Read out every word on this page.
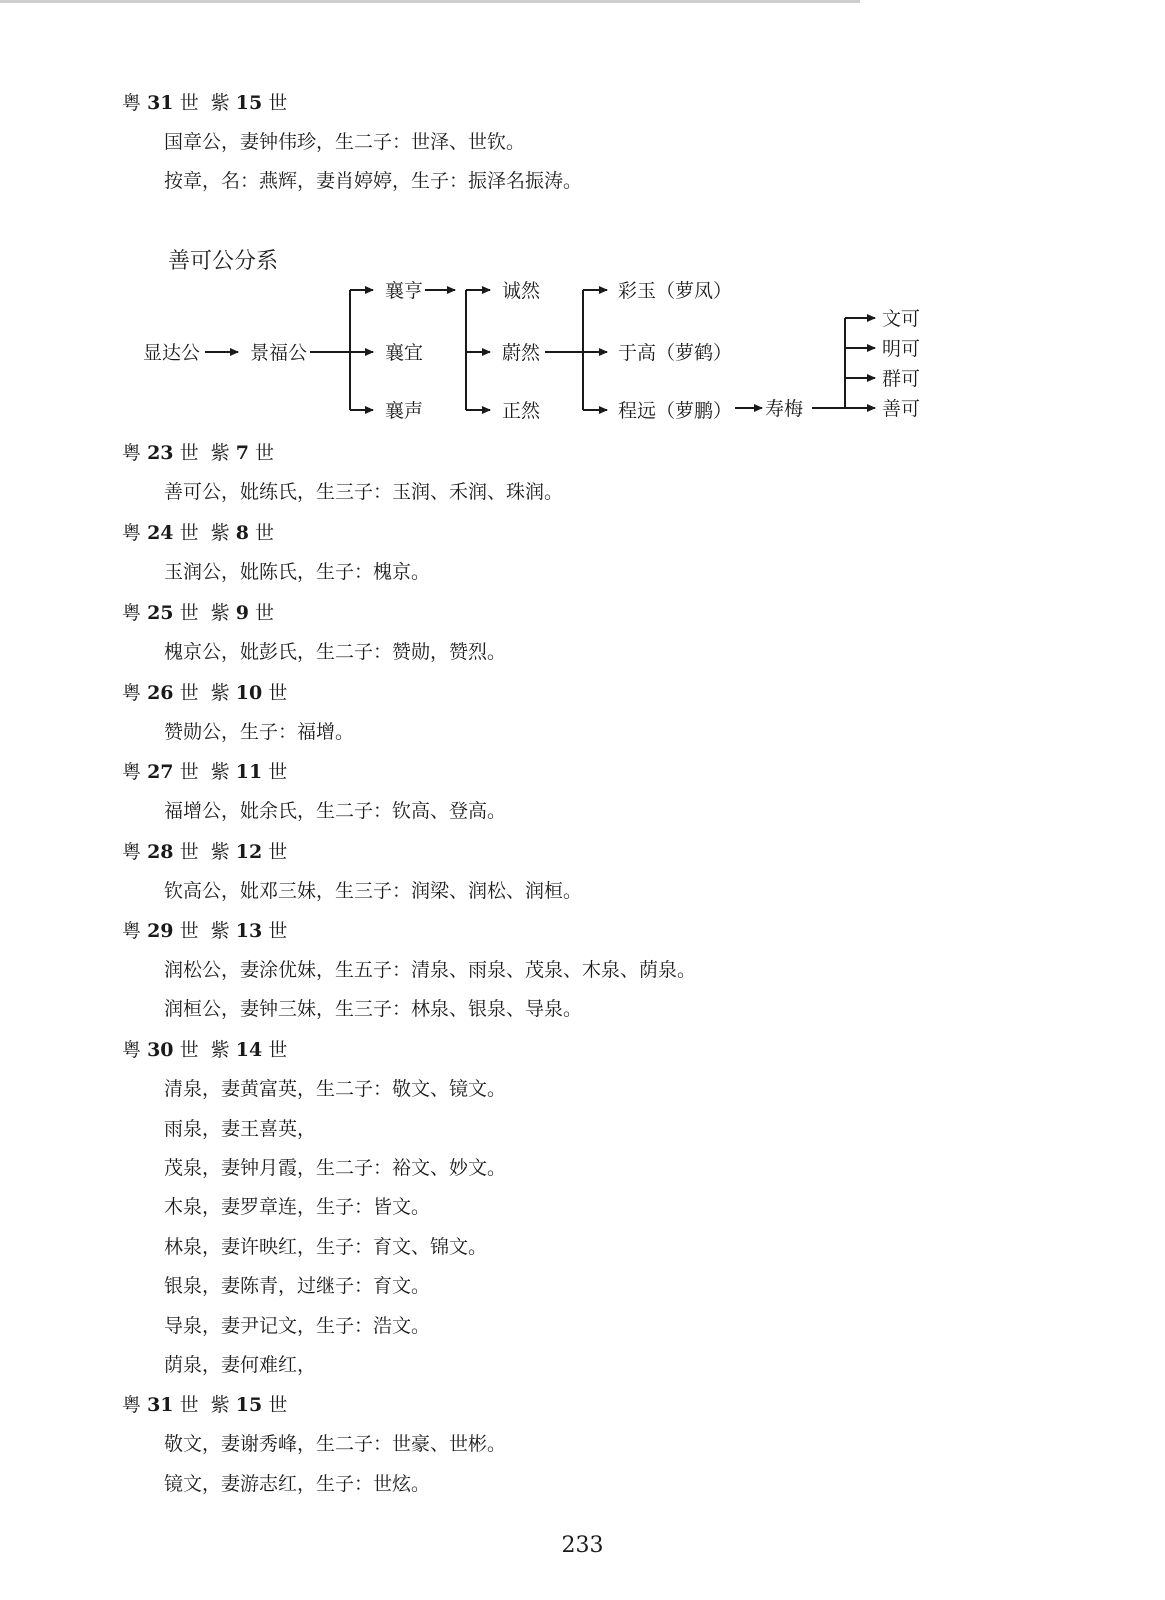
粤 31 世 紫 15 世
国章公，妻钟伟珍，生二子：世泽、世钦。
按章，名：燕辉，妻肖婷婷，生子：振泽名振涛。
善可公分系
显达公	景福公
襄亨
襄宜
襄声
诚然
蔚然
正然
彩玉（萝凤）
于高（萝鹤）
程远（萝鹏） 寿梅
文可
明可
群可
善可
粤 23 世 紫 7 世
善可公，妣练氏，生三子：玉润、禾润、珠润。
粤 24 世 紫 8 世
玉润公，妣陈氏，生子：槐京。
粤 25 世 紫 9 世
槐京公，妣彭氏，生二子：赞勋，赞烈。
粤 26 世 紫 10 世
赞勋公，生子：福增。
粤 27 世 紫 11 世
福增公，妣余氏，生二子：钦高、登高。
粤 28 世 紫 12 世
钦高公，妣邓三妹，生三子：润梁、润松、润桓。
粤 29 世 紫 13 世
润松公，妻涂优妹，生五子：清泉、雨泉、茂泉、木泉、荫泉。
润桓公，妻钟三妹，生三子：林泉、银泉、导泉。
粤 30 世 紫 14 世
清泉，妻黄富英，生二子：敬文、镜文。
雨泉，妻王喜英，
茂泉，妻钟月霞，生二子：裕文、妙文。
木泉，妻罗章连，生子：皆文。
林泉，妻许映红，生子：育文、锦文。
银泉，妻陈青，过继子：育文。
导泉，妻尹记文，生子：浩文。
荫泉，妻何难红，
粤 31 世 紫 15 世
敬文，妻谢秀峰，生二子：世豪、世彬。
镜文，妻游志红，生子：世炫。
233
